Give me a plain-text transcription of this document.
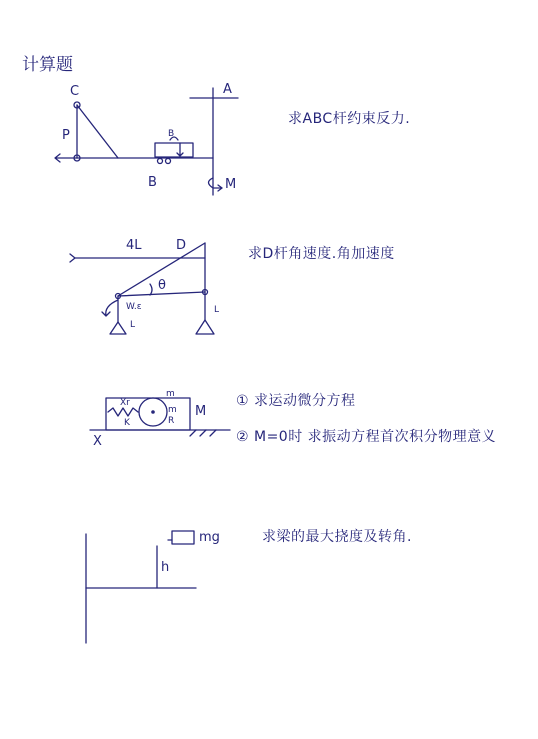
计算题
C	A
B
P	B
M
求ABC杆约束反力.
4L	D
θ
W.ε
L
L
求D杆角速度.角加速度
X
Xr
K
m
m
R
M
① 求运动微分方程
② M=0时 求振动方程首次积分物理意义
mg
h
求梁的最大挠度及转角.
